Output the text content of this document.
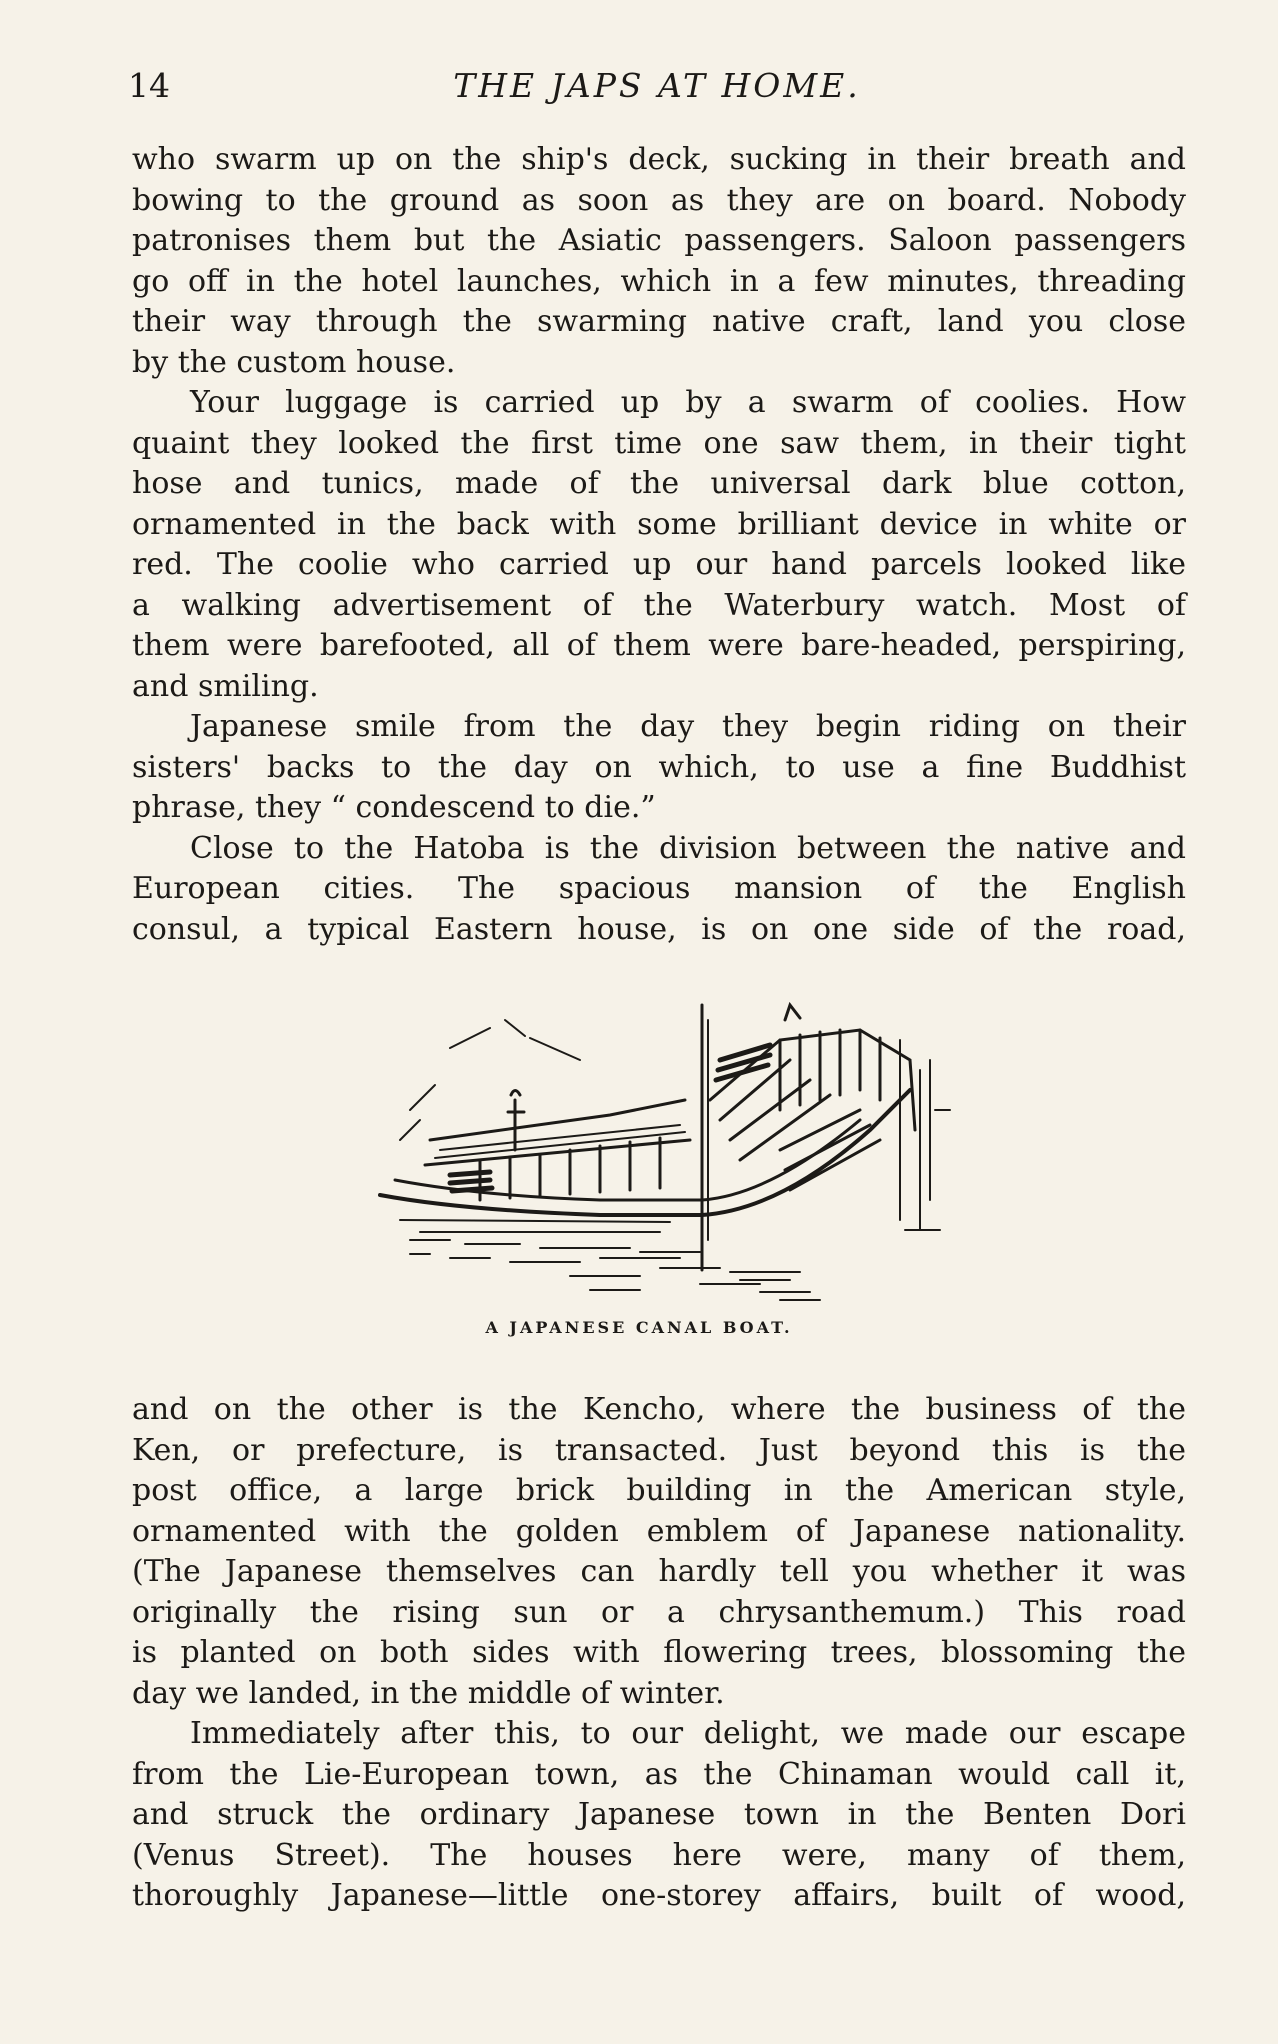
14	THE JAPS AT HOME.
who swarm up on the ship's deck, sucking in their breath and
bowing to the ground as soon as they are on board. Nobody
patronises them but the Asiatic passengers. Saloon passengers
go off in the hotel launches, which in a few minutes, threading
their way through the swarming native craft, land you close
by the custom house.
Your luggage is carried up by a swarm of coolies. How
quaint they looked the first time one saw them, in their tight
hose and tunics, made of the universal dark blue cotton,
ornamented in the back with some brilliant device in white or
red. The coolie who carried up our hand parcels looked like
a walking advertisement of the Waterbury watch. Most of
them were barefooted, all of them were bare-headed, perspiring,
and smiling.
Japanese smile from the day they begin riding on their
sisters' backs to the day on which, to use a fine Buddhist
phrase, they “ condescend to die.”
Close to the Hatoba is the division between the native and
European cities. The spacious mansion of the English
consul, a typical Eastern house, is on one side of the road,
A JAPANESE CANAL BOAT.
and on the other is the Kencho, where the business of the
Ken, or prefecture, is transacted. Just beyond this is the
post office, a large brick building in the American style,
ornamented with the golden emblem of Japanese nationality.
(The Japanese themselves can hardly tell you whether it was
originally the rising sun or a chrysanthemum.) This road
is planted on both sides with flowering trees, blossoming the
day we landed, in the middle of winter.
Immediately after this, to our delight, we made our escape
from the Lie-European town, as the Chinaman would call it,
and struck the ordinary Japanese town in the Benten Dori
(Venus Street). The houses here were, many of them,
thoroughly Japanese—little one-storey affairs, built of wood,
